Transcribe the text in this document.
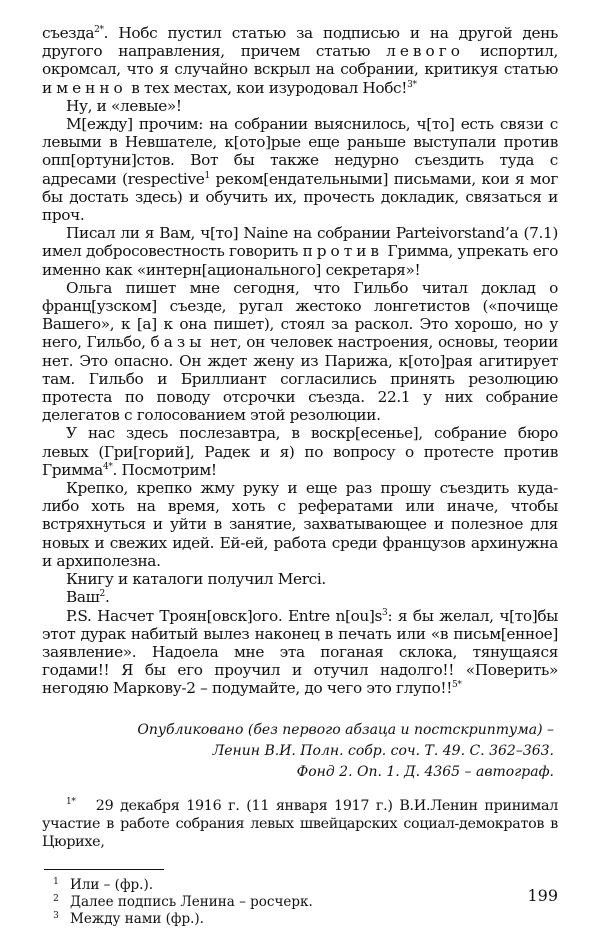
съезда$^{2*}$. Нобс пустил статью за подписью и на другой день другого направления, причем статью левого испортил, окромсал, что я случайно вскрыл на собрании, критикуя статью именно в тех местах, кои изуродовал Нобс!$^{3*}$

Ну, и «левые»!

М[ежду] прочим: на собрании выяснилось, ч[то] есть связи с левыми в Невшателе, к[ото]рые еще раньше выступали против опп[ортуни]стов. Вот бы также недурно съездить туда с адресами (respective$^1$ реком[ендательными] письмами, кои я мог бы достать здесь) и обучить их, прочесть докладик, связаться и проч.

Писал ли я Вам, ч[то] Naine на собрании Parteivorstand’a (7.1) имел добросовестность говорить против Гримма, упрекать его именно как «интерн[ационального] секретаря»!

Ольга пишет мне сегодня, что Гильбо читал доклад о франц[узском] съезде, ругал жестоко лонгетистов («почище Вашего», к [а] к она пишет), стоял за раскол. Это хорошо, но у него, Гильбо, базы нет, он человек настроения, основы, теории нет. Это опасно. Он ждет жену из Парижа, к[ото]рая агитирует там. Гильбо и Бриллиант согласились принять резолюцию протеста по поводу отсрочки съезда. 22.1 у них собрание делегатов с голосованием этой резолюции.

У нас здесь послезавтра, в воскр[есенье], собрание бюро левых (Гри[горий], Радек и я) по вопросу о протесте против Гримма$^{4*}$. Посмотрим!

Крепко, крепко жму руку и еще раз прошу съездить куда-либо хоть на время, хоть с рефератами или иначе, чтобы встряхнуться и уйти в занятие, захватывающее и полезное для новых и свежих идей. Ей-ей, работа среди французов архинужна и архиполезна.

Книгу и каталоги получил Merci.

Ваш$^2$.

P.S. Насчет Троян[овск]ого. Entre $n[ou]s^3$: я бы желал, ч[то]бы этот дурак набитый вылез наконец в печать или «в письм[енное] заявление». Надоела мне эта поганая склока, тянущаяся годами!! Я бы его проучил и отучил надолго!! «Поверить» негодяю Маркову-2 – подумайте, до чего это глупо!!$^{5*}$

Опубликовано (без первого абзаца и постскриптума) –
Ленин В.И. Полн. собр. соч. Т. 49. С. 362–363.
Фонд 2. Оп. 1. Д. 4365 – автограф.

$^{1*}$ 29 декабря 1916 г. (11 января 1917 г.) В.И.Ленин принимал участие в работе собрания левых швейцарских социал-демократов в Цюрихе,

1 Или – (фр.).
2 Далее подпись Ленина – росчерк.
3 Между нами (фр.).
199
